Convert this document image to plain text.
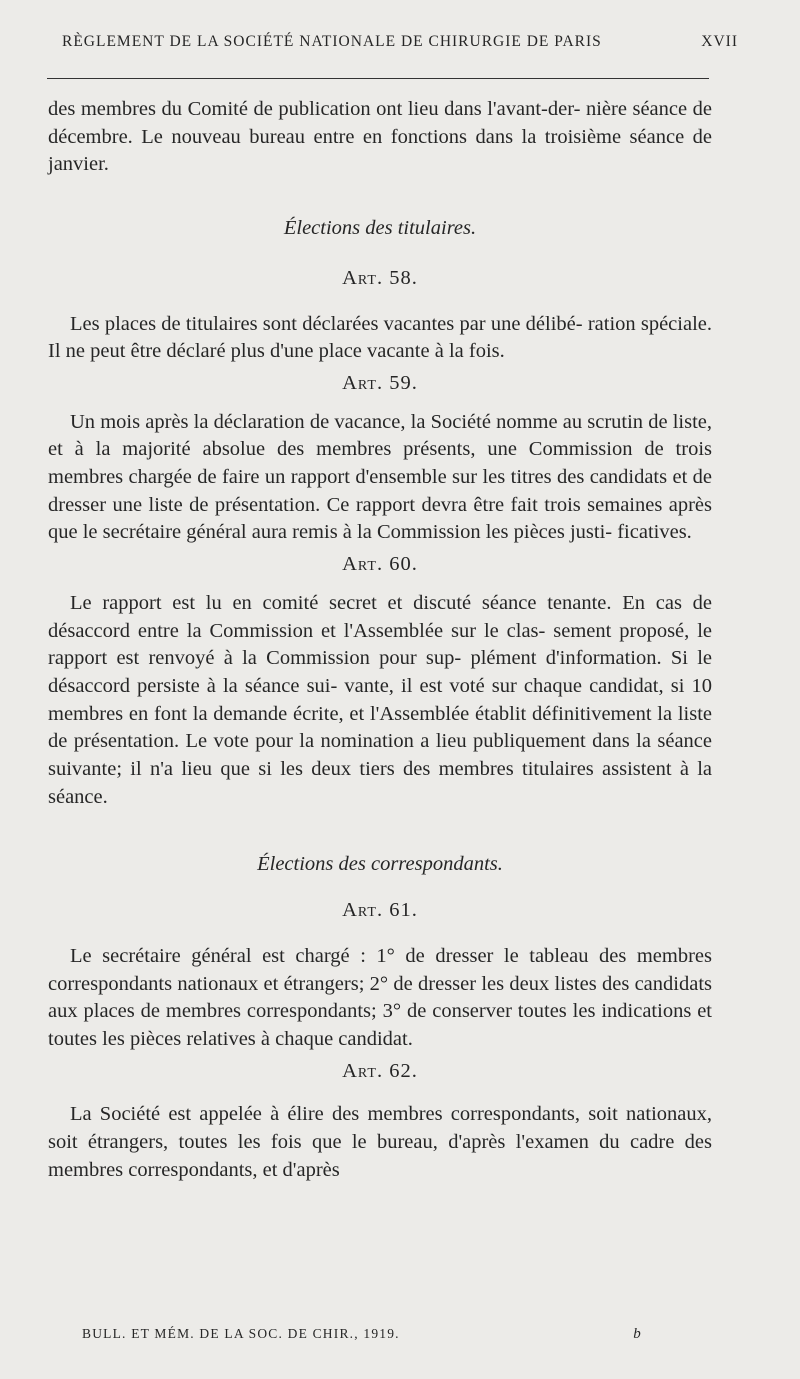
RÈGLEMENT DE LA SOCIÉTÉ NATIONALE DE CHIRURGIE DE PARIS	XVII

des membres du Comité de publication ont lieu dans l'avant-der- nière séance de décembre. Le nouveau bureau entre en fonctions dans la troisième séance de janvier.

Élections des titulaires.

Art. 58.

Les places de titulaires sont déclarées vacantes par une délibé- ration spéciale. Il ne peut être déclaré plus d'une place vacante à la fois.

Art. 59.

Un mois après la déclaration de vacance, la Société nomme au scrutin de liste, et à la majorité absolue des membres présents, une Commission de trois membres chargée de faire un rapport d'ensemble sur les titres des candidats et de dresser une liste de présentation. Ce rapport devra être fait trois semaines après que le secrétaire général aura remis à la Commission les pièces justi- ficatives.

Art. 60.

Le rapport est lu en comité secret et discuté séance tenante. En cas de désaccord entre la Commission et l'Assemblée sur le clas- sement proposé, le rapport est renvoyé à la Commission pour sup- plément d'information. Si le désaccord persiste à la séance sui- vante, il est voté sur chaque candidat, si 10 membres en font la demande écrite, et l'Assemblée établit définitivement la liste de présentation. Le vote pour la nomination a lieu publiquement dans la séance suivante; il n'a lieu que si les deux tiers des membres titulaires assistent à la séance.

Élections des correspondants.

Art. 61.

Le secrétaire général est chargé : 1° de dresser le tableau des membres correspondants nationaux et étrangers; 2° de dresser les deux listes des candidats aux places de membres correspondants; 3° de conserver toutes les indications et toutes les pièces relatives à chaque candidat.

Art. 62.

La Société est appelée à élire des membres correspondants, soit nationaux, soit étrangers, toutes les fois que le bureau, d'après l'examen du cadre des membres correspondants, et d'après

BULL. ET MÉM. DE LA SOC. DE CHIR., 1919.	b
